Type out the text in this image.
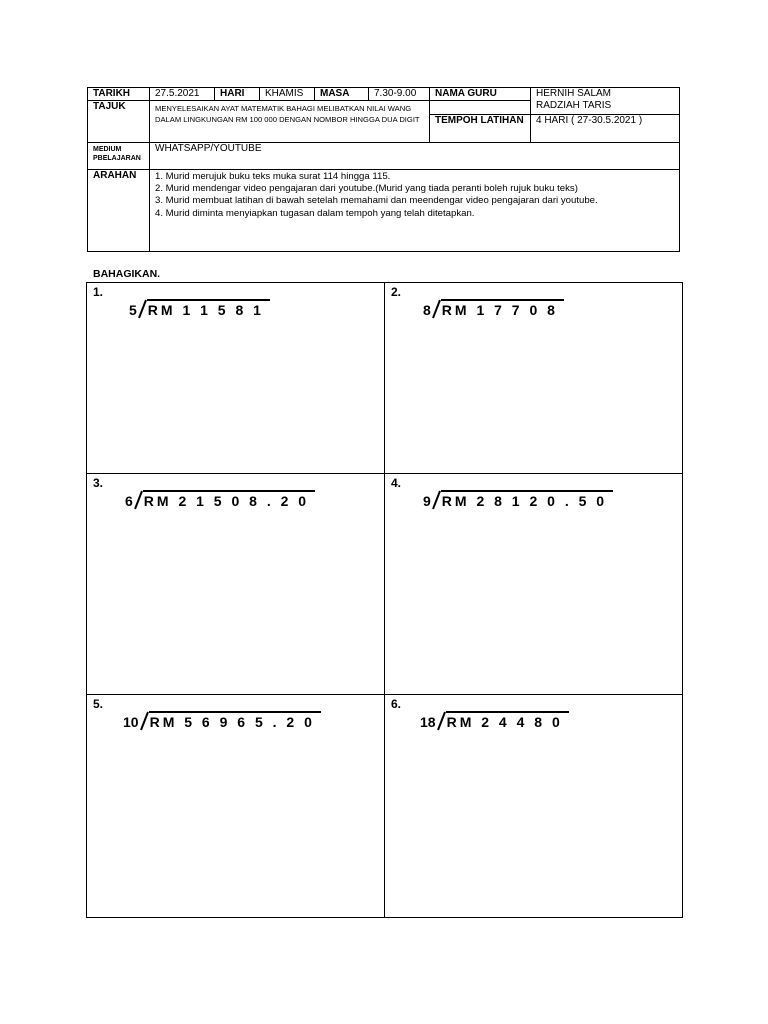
TARIKH	27.5.2021	HARI	KHAMIS	MASA	7.30-9.00	NAMA GURU	HERNIH SALAM
RADZIAH TARIS

TAJUK	MENYELESAIKAN AYAT MATEMATIK BAHAGI MELIBATKAN NILAI WANG DALAM LINGKUNGAN RM 100 000 DENGAN NOMBOR HINGGA DUA DIGIT						
						TEMPOH LATIHAN	4 HARI ( 27-30.5.2021 )
MEDIUM PBELAJARAN	WHATSAPP/YOUTUBE						
ARAHAN	1. Murid merujuk buku teks muka surat 114 hingga 115.
2. Murid mendengar video pengajaran dari youtube.(Murid yang tiada peranti boleh rujuk buku teks)
3. Murid membuat latihan di bawah setelah memahami dan meendengar video pengajaran dari youtube.
4. Murid diminta menyiapkan tugasan dalam tempoh yang telah ditetapkan.						
BAHAGIKAN.
1.
5 RM 1 1 5 8 1
2.
8 RM 1 7 7 0 8
3.
6 RM 2 1 5 0 8 . 2 0
4.
9 RM 2 8 1 2 0 . 5 0
5.
10 RM 5 6 9 6 5 . 2 0
6.
18 RM 2 4 4 8 0
